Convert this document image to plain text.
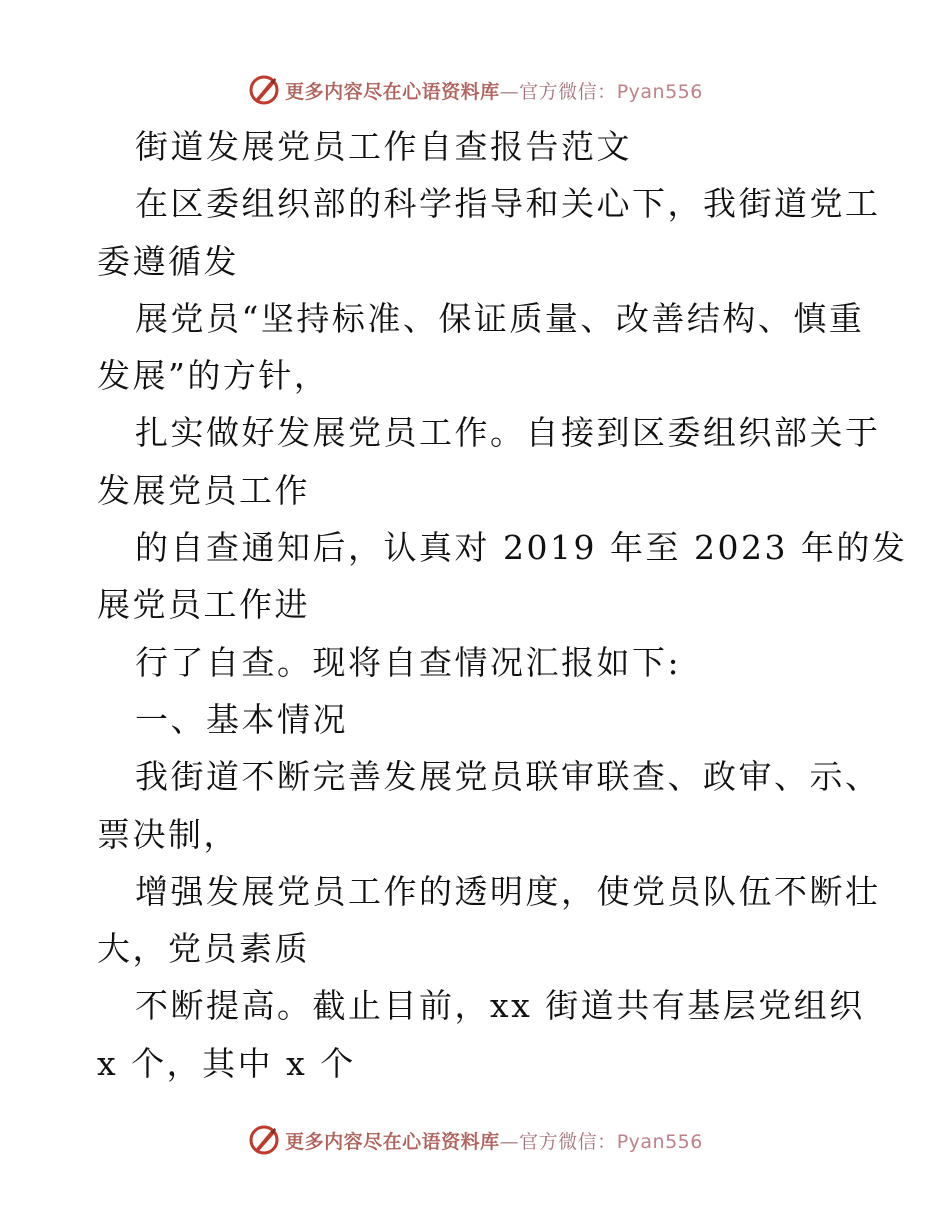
更多内容尽在心语资料库—官方微信：Pyan556
街道发展党员工作自查报告范文
在区委组织部的科学指导和关心下，我街道党工
委遵循发
展党员“坚持标准、保证质量、改善结构、慎重
发展”的方针，
扎实做好发展党员工作。自接到区委组织部关于
发展党员工作
的自查通知后，认真对 2019 年至 2023 年的发
展党员工作进
行了自查。现将自查情况汇报如下:
一、基本情况
我街道不断完善发展党员联审联查、政审、示、
票决制，
增强发展党员工作的透明度，使党员队伍不断壮
大，党员素质
不断提高。截止目前，xx 街道共有基层党组织
x 个，其中 x 个
更多内容尽在心语资料库—官方微信：Pyan556
